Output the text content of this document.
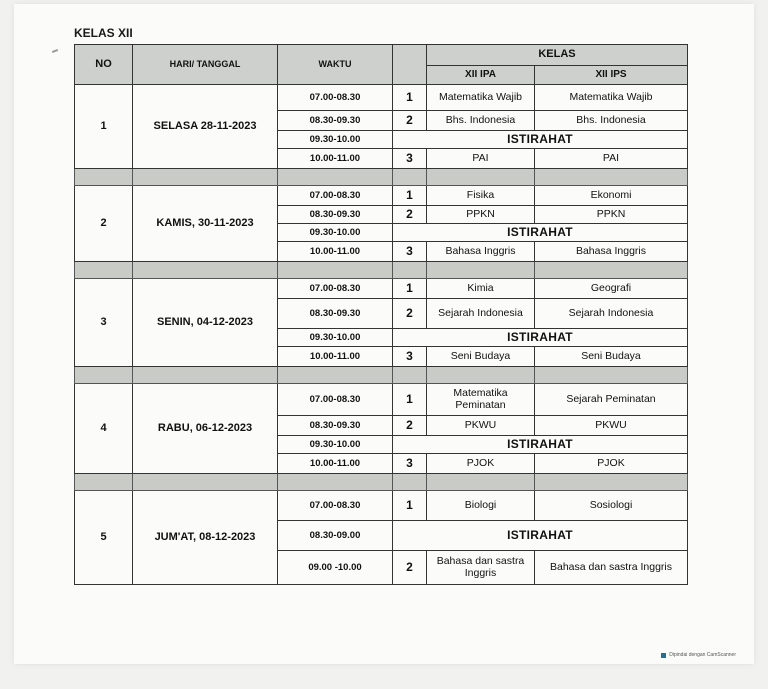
KELAS XII
NO	HARI/ TANGGAL	WAKTU		KELAS	
				XII IPA	XII IPS
1	SELASA 28-11-2023	07.00-08.30	1	Matematika Wajib	Matematika Wajib
		08.30-09.30	2	Bhs. Indonesia	Bhs. Indonesia
		09.30-10.00	ISTIRAHAT		
		10.00-11.00	3	PAI	PAI

2	KAMIS, 30-11-2023	07.00-08.30	1	Fisika	Ekonomi
		08.30-09.30	2	PPKN	PPKN
		09.30-10.00	ISTIRAHAT		
		10.00-11.00	3	Bahasa Inggris	Bahasa Inggris

3	SENIN, 04-12-2023	07.00-08.30	1	Kimia	Geografi
		08.30-09.30	2	Sejarah Indonesia	Sejarah Indonesia
		09.30-10.00	ISTIRAHAT		
		10.00-11.00	3	Seni Budaya	Seni Budaya

4	RABU, 06-12-2023	07.00-08.30	1	Matematika Peminatan	Sejarah Peminatan
		08.30-09.30	2	PKWU	PKWU
		09.30-10.00	ISTIRAHAT		
		10.00-11.00	3	PJOK	PJOK

5	JUM'AT, 08-12-2023	07.00-08.30	1	Biologi	Sosiologi
		08.30-09.00	ISTIRAHAT		
		09.00 -10.00	2	Bahasa dan sastra Inggris	Bahasa dan sastra Inggris
Dipindai dengan CamScanner
